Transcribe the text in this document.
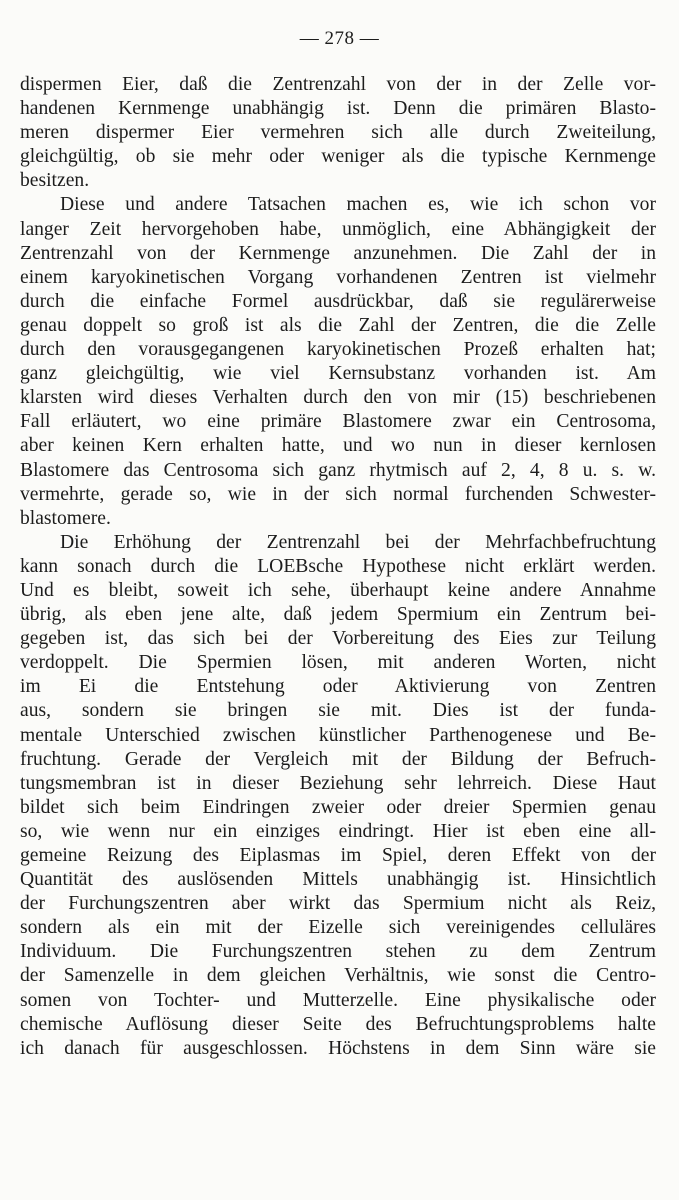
— 278 —
dispermen Eier, daß die Zentrenzahl von der in der Zelle vor-
handenen Kernmenge unabhängig ist. Denn die primären Blasto-
meren dispermer Eier vermehren sich alle durch Zweiteilung,
gleichgültig, ob sie mehr oder weniger als die typische Kernmenge
besitzen.
Diese und andere Tatsachen machen es, wie ich schon vor
langer Zeit hervorgehoben habe, unmöglich, eine Abhängigkeit der
Zentrenzahl von der Kernmenge anzunehmen. Die Zahl der in
einem karyokinetischen Vorgang vorhandenen Zentren ist vielmehr
durch die einfache Formel ausdrückbar, daß sie regulärerweise
genau doppelt so groß ist als die Zahl der Zentren, die die Zelle
durch den vorausgegangenen karyokinetischen Prozeß erhalten hat;
ganz gleichgültig, wie viel Kernsubstanz vorhanden ist. Am
klarsten wird dieses Verhalten durch den von mir (15) beschriebenen
Fall erläutert, wo eine primäre Blastomere zwar ein Centrosoma,
aber keinen Kern erhalten hatte, und wo nun in dieser kernlosen
Blastomere das Centrosoma sich ganz rhytmisch auf 2, 4, 8 u. s. w.
vermehrte, gerade so, wie in der sich normal furchenden Schwester-
blastomere.
Die Erhöhung der Zentrenzahl bei der Mehrfachbefruchtung
kann sonach durch die LOEBsche Hypothese nicht erklärt werden.
Und es bleibt, soweit ich sehe, überhaupt keine andere Annahme
übrig, als eben jene alte, daß jedem Spermium ein Zentrum bei-
gegeben ist, das sich bei der Vorbereitung des Eies zur Teilung
verdoppelt. Die Spermien lösen, mit anderen Worten, nicht
im Ei die Entstehung oder Aktivierung von Zentren
aus, sondern sie bringen sie mit. Dies ist der funda-
mentale Unterschied zwischen künstlicher Parthenogenese und Be-
fruchtung. Gerade der Vergleich mit der Bildung der Befruch-
tungsmembran ist in dieser Beziehung sehr lehrreich. Diese Haut
bildet sich beim Eindringen zweier oder dreier Spermien genau
so, wie wenn nur ein einziges eindringt. Hier ist eben eine all-
gemeine Reizung des Eiplasmas im Spiel, deren Effekt von der
Quantität des auslösenden Mittels unabhängig ist. Hinsichtlich
der Furchungszentren aber wirkt das Spermium nicht als Reiz,
sondern als ein mit der Eizelle sich vereinigendes celluläres
Individuum. Die Furchungszentren stehen zu dem Zentrum
der Samenzelle in dem gleichen Verhältnis, wie sonst die Centro-
somen von Tochter- und Mutterzelle. Eine physikalische oder
chemische Auflösung dieser Seite des Befruchtungsproblems halte
ich danach für ausgeschlossen. Höchstens in dem Sinn wäre sie
